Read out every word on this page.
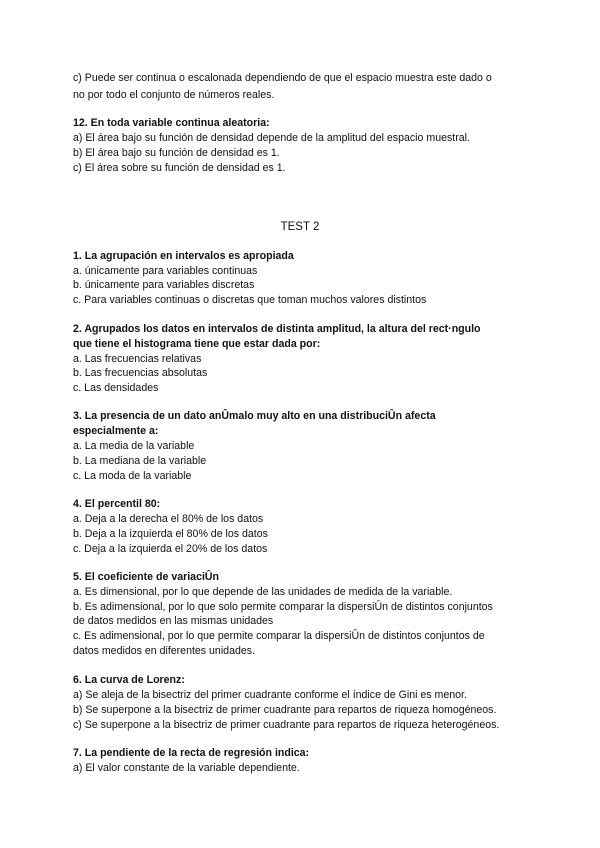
c) Puede ser continua o escalonada dependiendo de que el espacio muestra este dado o
no por todo el conjunto de números reales.
12. En toda variable continua aleatoria:
a) El área bajo su función de densidad depende de la amplitud del espacio muestral.
b) El área bajo su función de densidad es 1.
c) El área sobre su función de densidad es 1.
TEST 2
1. La agrupación en intervalos es apropiada
a. únicamente para variables continuas
b. únicamente para variables discretas
c. Para variables continuas o discretas que toman muchos valores distintos
2. Agrupados los datos en intervalos de distinta amplitud, la altura del rect·ngulo
que tiene el histograma tiene que estar dada por:
a. Las frecuencias relativas
b. Las frecuencias absolutas
c. Las densidades
3. La presencia de un dato anÛmalo muy alto en una distribuciÛn afecta
especialmente a:
a. La media de la variable
b. La mediana de la variable
c. La moda de la variable
4. El percentil 80:
a. Deja a la derecha el 80% de los datos
b. Deja a la izquierda el 80% de los datos
c. Deja a la izquierda el 20% de los datos
5. El coeficiente de variaciÛn
a. Es dimensional, por lo que depende de las unidades de medida de la variable.
b. Es adimensional, por lo que solo permite comparar la dispersiÛn de distintos conjuntos
de datos medidos en las mismas unidades
c. Es adimensional, por lo que permite comparar la dispersiÛn de distintos conjuntos de
datos medidos en diferentes unidades.
6. La curva de Lorenz:
a) Se aleja de la bisectriz del primer cuadrante conforme el índice de Gini es menor.
b) Se superpone a la bisectriz de primer cuadrante para repartos de riqueza homogéneos.
c) Se superpone a la bisectriz de primer cuadrante para repartos de riqueza heterogéneos.
7. La pendiente de la recta de regresión indica:
a) El valor constante de la variable dependiente.
